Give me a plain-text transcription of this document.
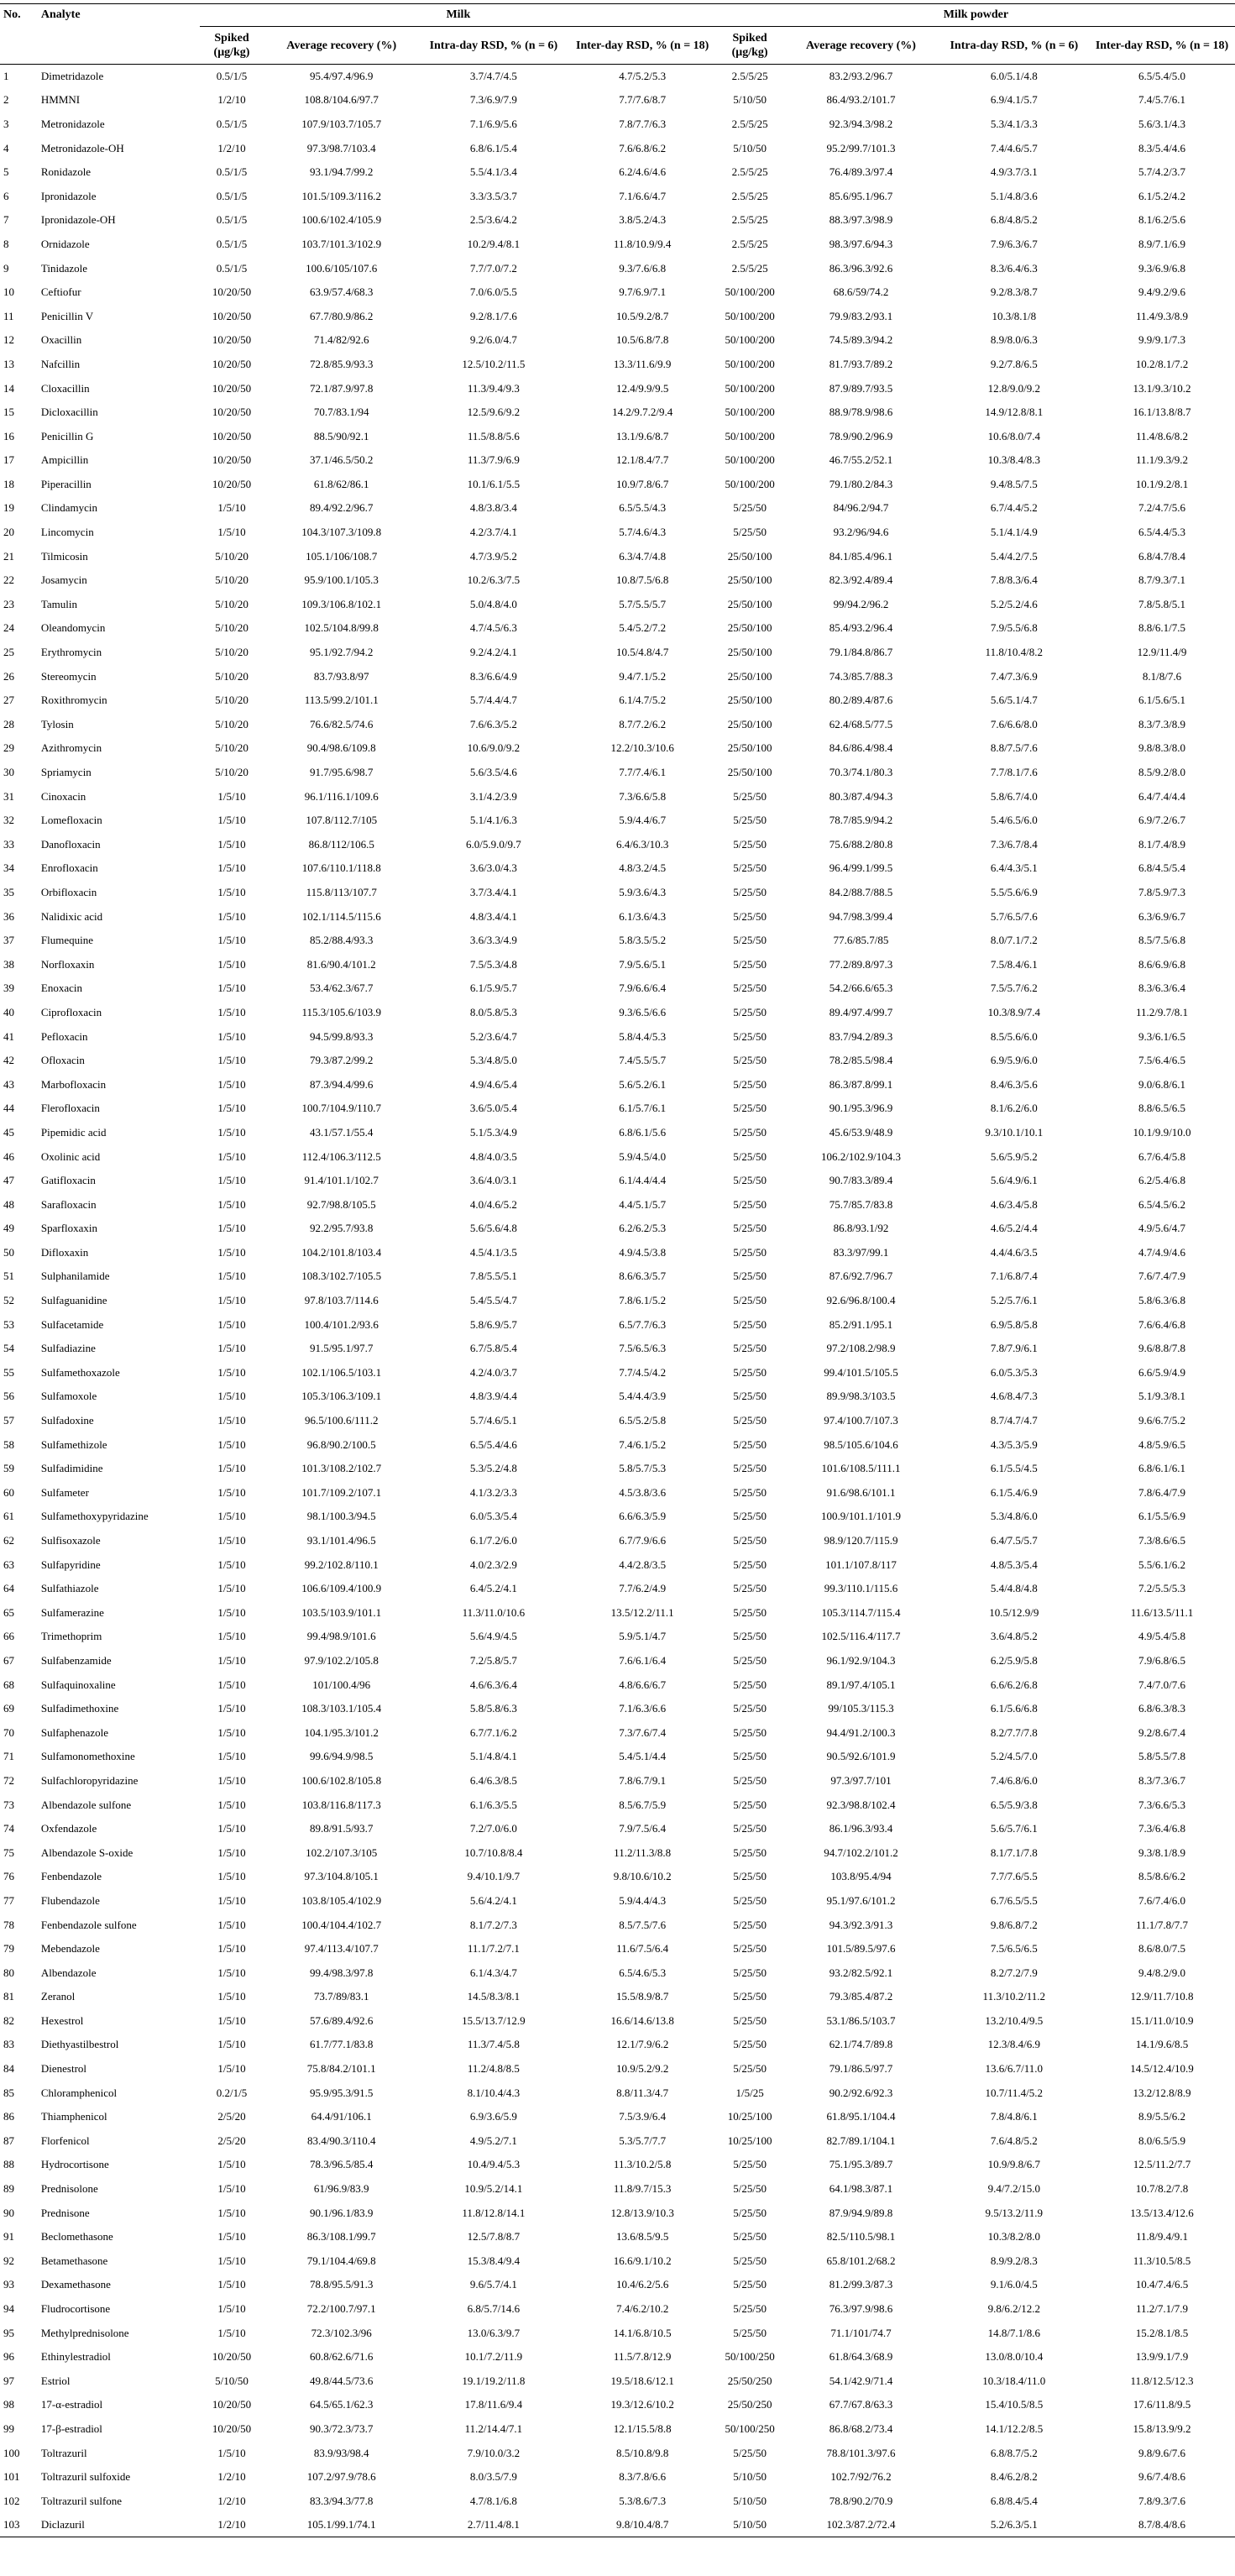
No.	Analyte	Milk				Milk powder			
		Spiked (μg/kg)	Average recovery (%)	Intra-day RSD, % (n = 6)	Inter-day RSD, % (n = 18)	Spiked (μg/kg)	Average recovery (%)	Intra-day RSD, % (n = 6)	Inter-day RSD, % (n = 18)
1	Dimetridazole	0.5/1/5	95.4/97.4/96.9	3.7/4.7/4.5	4.7/5.2/5.3	2.5/5/25	83.2/93.2/96.7	6.0/5.1/4.8	6.5/5.4/5.0
2	HMMNI	1/2/10	108.8/104.6/97.7	7.3/6.9/7.9	7.7/7.6/8.7	5/10/50	86.4/93.2/101.7	6.9/4.1/5.7	7.4/5.7/6.1
3	Metronidazole	0.5/1/5	107.9/103.7/105.7	7.1/6.9/5.6	7.8/7.7/6.3	2.5/5/25	92.3/94.3/98.2	5.3/4.1/3.3	5.6/3.1/4.3
4	Metronidazole-OH	1/2/10	97.3/98.7/103.4	6.8/6.1/5.4	7.6/6.8/6.2	5/10/50	95.2/99.7/101.3	7.4/4.6/5.7	8.3/5.4/4.6
5	Ronidazole	0.5/1/5	93.1/94.7/99.2	5.5/4.1/3.4	6.2/4.6/4.6	2.5/5/25	76.4/89.3/97.4	4.9/3.7/3.1	5.7/4.2/3.7
6	Ipronidazole	0.5/1/5	101.5/109.3/116.2	3.3/3.5/3.7	7.1/6.6/4.7	2.5/5/25	85.6/95.1/96.7	5.1/4.8/3.6	6.1/5.2/4.2
7	Ipronidazole-OH	0.5/1/5	100.6/102.4/105.9	2.5/3.6/4.2	3.8/5.2/4.3	2.5/5/25	88.3/97.3/98.9	6.8/4.8/5.2	8.1/6.2/5.6
8	Ornidazole	0.5/1/5	103.7/101.3/102.9	10.2/9.4/8.1	11.8/10.9/9.4	2.5/5/25	98.3/97.6/94.3	7.9/6.3/6.7	8.9/7.1/6.9
9	Tinidazole	0.5/1/5	100.6/105/107.6	7.7/7.0/7.2	9.3/7.6/6.8	2.5/5/25	86.3/96.3/92.6	8.3/6.4/6.3	9.3/6.9/6.8
10	Ceftiofur	10/20/50	63.9/57.4/68.3	7.0/6.0/5.5	9.7/6.9/7.1	50/100/200	68.6/59/74.2	9.2/8.3/8.7	9.4/9.2/9.6
11	Penicillin V	10/20/50	67.7/80.9/86.2	9.2/8.1/7.6	10.5/9.2/8.7	50/100/200	79.9/83.2/93.1	10.3/8.1/8	11.4/9.3/8.9
12	Oxacillin	10/20/50	71.4/82/92.6	9.2/6.0/4.7	10.5/6.8/7.8	50/100/200	74.5/89.3/94.2	8.9/8.0/6.3	9.9/9.1/7.3
13	Nafcillin	10/20/50	72.8/85.9/93.3	12.5/10.2/11.5	13.3/11.6/9.9	50/100/200	81.7/93.7/89.2	9.2/7.8/6.5	10.2/8.1/7.2
14	Cloxacillin	10/20/50	72.1/87.9/97.8	11.3/9.4/9.3	12.4/9.9/9.5	50/100/200	87.9/89.7/93.5	12.8/9.0/9.2	13.1/9.3/10.2
15	Dicloxacillin	10/20/50	70.7/83.1/94	12.5/9.6/9.2	14.2/9.7.2/9.4	50/100/200	88.9/78.9/98.6	14.9/12.8/8.1	16.1/13.8/8.7
16	Penicillin G	10/20/50	88.5/90/92.1	11.5/8.8/5.6	13.1/9.6/8.7	50/100/200	78.9/90.2/96.9	10.6/8.0/7.4	11.4/8.6/8.2
17	Ampicillin	10/20/50	37.1/46.5/50.2	11.3/7.9/6.9	12.1/8.4/7.7	50/100/200	46.7/55.2/52.1	10.3/8.4/8.3	11.1/9.3/9.2
18	Piperacillin	10/20/50	61.8/62/86.1	10.1/6.1/5.5	10.9/7.8/6.7	50/100/200	79.1/80.2/84.3	9.4/8.5/7.5	10.1/9.2/8.1
19	Clindamycin	1/5/10	89.4/92.2/96.7	4.8/3.8/3.4	6.5/5.5/4.3	5/25/50	84/96.2/94.7	6.7/4.4/5.2	7.2/4.7/5.6
20	Lincomycin	1/5/10	104.3/107.3/109.8	4.2/3.7/4.1	5.7/4.6/4.3	5/25/50	93.2/96/94.6	5.1/4.1/4.9	6.5/4.4/5.3
21	Tilmicosin	5/10/20	105.1/106/108.7	4.7/3.9/5.2	6.3/4.7/4.8	25/50/100	84.1/85.4/96.1	5.4/4.2/7.5	6.8/4.7/8.4
22	Josamycin	5/10/20	95.9/100.1/105.3	10.2/6.3/7.5	10.8/7.5/6.8	25/50/100	82.3/92.4/89.4	7.8/8.3/6.4	8.7/9.3/7.1
23	Tamulin	5/10/20	109.3/106.8/102.1	5.0/4.8/4.0	5.7/5.5/5.7	25/50/100	99/94.2/96.2	5.2/5.2/4.6	7.8/5.8/5.1
24	Oleandomycin	5/10/20	102.5/104.8/99.8	4.7/4.5/6.3	5.4/5.2/7.2	25/50/100	85.4/93.2/96.4	7.9/5.5/6.8	8.8/6.1/7.5
25	Erythromycin	5/10/20	95.1/92.7/94.2	9.2/4.2/4.1	10.5/4.8/4.7	25/50/100	79.1/84.8/86.7	11.8/10.4/8.2	12.9/11.4/9
26	Stereomycin	5/10/20	83.7/93.8/97	8.3/6.6/4.9	9.4/7.1/5.2	25/50/100	74.3/85.7/88.3	7.4/7.3/6.9	8.1/8/7.6
27	Roxithromycin	5/10/20	113.5/99.2/101.1	5.7/4.4/4.7	6.1/4.7/5.2	25/50/100	80.2/89.4/87.6	5.6/5.1/4.7	6.1/5.6/5.1
28	Tylosin	5/10/20	76.6/82.5/74.6	7.6/6.3/5.2	8.7/7.2/6.2	25/50/100	62.4/68.5/77.5	7.6/6.6/8.0	8.3/7.3/8.9
29	Azithromycin	5/10/20	90.4/98.6/109.8	10.6/9.0/9.2	12.2/10.3/10.6	25/50/100	84.6/86.4/98.4	8.8/7.5/7.6	9.8/8.3/8.0
30	Spriamycin	5/10/20	91.7/95.6/98.7	5.6/3.5/4.6	7.7/7.4/6.1	25/50/100	70.3/74.1/80.3	7.7/8.1/7.6	8.5/9.2/8.0
31	Cinoxacin	1/5/10	96.1/116.1/109.6	3.1/4.2/3.9	7.3/6.6/5.8	5/25/50	80.3/87.4/94.3	5.8/6.7/4.0	6.4/7.4/4.4
32	Lomefloxacin	1/5/10	107.8/112.7/105	5.1/4.1/6.3	5.9/4.4/6.7	5/25/50	78.7/85.9/94.2	5.4/6.5/6.0	6.9/7.2/6.7
33	Danofloxacin	1/5/10	86.8/112/106.5	6.0/5.9.0/9.7	6.4/6.3/10.3	5/25/50	75.6/88.2/80.8	7.3/6.7/8.4	8.1/7.4/8.9
34	Enrofloxacin	1/5/10	107.6/110.1/118.8	3.6/3.0/4.3	4.8/3.2/4.5	5/25/50	96.4/99.1/99.5	6.4/4.3/5.1	6.8/4.5/5.4
35	Orbifloxacin	1/5/10	115.8/113/107.7	3.7/3.4/4.1	5.9/3.6/4.3	5/25/50	84.2/88.7/88.5	5.5/5.6/6.9	7.8/5.9/7.3
36	Nalidixic acid	1/5/10	102.1/114.5/115.6	4.8/3.4/4.1	6.1/3.6/4.3	5/25/50	94.7/98.3/99.4	5.7/6.5/7.6	6.3/6.9/6.7
37	Flumequine	1/5/10	85.2/88.4/93.3	3.6/3.3/4.9	5.8/3.5/5.2	5/25/50	77.6/85.7/85	8.0/7.1/7.2	8.5/7.5/6.8
38	Norfloxaxin	1/5/10	81.6/90.4/101.2	7.5/5.3/4.8	7.9/5.6/5.1	5/25/50	77.2/89.8/97.3	7.5/8.4/6.1	8.6/6.9/6.8
39	Enoxacin	1/5/10	53.4/62.3/67.7	6.1/5.9/5.7	7.9/6.6/6.4	5/25/50	54.2/66.6/65.3	7.5/5.7/6.2	8.3/6.3/6.4
40	Ciprofloxacin	1/5/10	115.3/105.6/103.9	8.0/5.8/5.3	9.3/6.5/6.6	5/25/50	89.4/97.4/99.7	10.3/8.9/7.4	11.2/9.7/8.1
41	Pefloxacin	1/5/10	94.5/99.8/93.3	5.2/3.6/4.7	5.8/4.4/5.3	5/25/50	83.7/94.2/89.3	8.5/5.6/6.0	9.3/6.1/6.5
42	Ofloxacin	1/5/10	79.3/87.2/99.2	5.3/4.8/5.0	7.4/5.5/5.7	5/25/50	78.2/85.5/98.4	6.9/5.9/6.0	7.5/6.4/6.5
43	Marbofloxacin	1/5/10	87.3/94.4/99.6	4.9/4.6/5.4	5.6/5.2/6.1	5/25/50	86.3/87.8/99.1	8.4/6.3/5.6	9.0/6.8/6.1
44	Flerofloxacin	1/5/10	100.7/104.9/110.7	3.6/5.0/5.4	6.1/5.7/6.1	5/25/50	90.1/95.3/96.9	8.1/6.2/6.0	8.8/6.5/6.5
45	Pipemidic acid	1/5/10	43.1/57.1/55.4	5.1/5.3/4.9	6.8/6.1/5.6	5/25/50	45.6/53.9/48.9	9.3/10.1/10.1	10.1/9.9/10.0
46	Oxolinic acid	1/5/10	112.4/106.3/112.5	4.8/4.0/3.5	5.9/4.5/4.0	5/25/50	106.2/102.9/104.3	5.6/5.9/5.2	6.7/6.4/5.8
47	Gatifloxacin	1/5/10	91.4/101.1/102.7	3.6/4.0/3.1	6.1/4.4/4.4	5/25/50	90.7/83.3/89.4	5.6/4.9/6.1	6.2/5.4/6.8
48	Sarafloxacin	1/5/10	92.7/98.8/105.5	4.0/4.6/5.2	4.4/5.1/5.7	5/25/50	75.7/85.7/83.8	4.6/3.4/5.8	6.5/4.5/6.2
49	Sparfloxaxin	1/5/10	92.2/95.7/93.8	5.6/5.6/4.8	6.2/6.2/5.3	5/25/50	86.8/93.1/92	4.6/5.2/4.4	4.9/5.6/4.7
50	Difloxaxin	1/5/10	104.2/101.8/103.4	4.5/4.1/3.5	4.9/4.5/3.8	5/25/50	83.3/97/99.1	4.4/4.6/3.5	4.7/4.9/4.6
51	Sulphanilamide	1/5/10	108.3/102.7/105.5	7.8/5.5/5.1	8.6/6.3/5.7	5/25/50	87.6/92.7/96.7	7.1/6.8/7.4	7.6/7.4/7.9
52	Sulfaguanidine	1/5/10	97.8/103.7/114.6	5.4/5.5/4.7	7.8/6.1/5.2	5/25/50	92.6/96.8/100.4	5.2/5.7/6.1	5.8/6.3/6.8
53	Sulfacetamide	1/5/10	100.4/101.2/93.6	5.8/6.9/5.7	6.5/7.7/6.3	5/25/50	85.2/91.1/95.1	6.9/5.8/5.8	7.6/6.4/6.8
54	Sulfadiazine	1/5/10	91.5/95.1/97.7	6.7/5.8/5.4	7.5/6.5/6.3	5/25/50	97.2/108.2/98.9	7.8/7.9/6.1	9.6/8.8/7.8
55	Sulfamethoxazole	1/5/10	102.1/106.5/103.1	4.2/4.0/3.7	7.7/4.5/4.2	5/25/50	99.4/101.5/105.5	6.0/5.3/5.3	6.6/5.9/4.9
56	Sulfamoxole	1/5/10	105.3/106.3/109.1	4.8/3.9/4.4	5.4/4.4/3.9	5/25/50	89.9/98.3/103.5	4.6/8.4/7.3	5.1/9.3/8.1
57	Sulfadoxine	1/5/10	96.5/100.6/111.2	5.7/4.6/5.1	6.5/5.2/5.8	5/25/50	97.4/100.7/107.3	8.7/4.7/4.7	9.6/6.7/5.2
58	Sulfamethizole	1/5/10	96.8/90.2/100.5	6.5/5.4/4.6	7.4/6.1/5.2	5/25/50	98.5/105.6/104.6	4.3/5.3/5.9	4.8/5.9/6.5
59	Sulfadimidine	1/5/10	101.3/108.2/102.7	5.3/5.2/4.8	5.8/5.7/5.3	5/25/50	101.6/108.5/111.1	6.1/5.5/4.5	6.8/6.1/6.1
60	Sulfameter	1/5/10	101.7/109.2/107.1	4.1/3.2/3.3	4.5/3.8/3.6	5/25/50	91.6/98.6/101.1	6.1/5.4/6.9	7.8/6.4/7.9
61	Sulfamethoxypyridazine	1/5/10	98.1/100.3/94.5	6.0/5.3/5.4	6.6/6.3/5.9	5/25/50	100.9/101.1/101.9	5.3/4.8/6.0	6.1/5.5/6.9
62	Sulfisoxazole	1/5/10	93.1/101.4/96.5	6.1/7.2/6.0	6.7/7.9/6.6	5/25/50	98.9/120.7/115.9	6.4/7.5/5.7	7.3/8.6/6.5
63	Sulfapyridine	1/5/10	99.2/102.8/110.1	4.0/2.3/2.9	4.4/2.8/3.5	5/25/50	101.1/107.8/117	4.8/5.3/5.4	5.5/6.1/6.2
64	Sulfathiazole	1/5/10	106.6/109.4/100.9	6.4/5.2/4.1	7.7/6.2/4.9	5/25/50	99.3/110.1/115.6	5.4/4.8/4.8	7.2/5.5/5.3
65	Sulfamerazine	1/5/10	103.5/103.9/101.1	11.3/11.0/10.6	13.5/12.2/11.1	5/25/50	105.3/114.7/115.4	10.5/12.9/9	11.6/13.5/11.1
66	Trimethoprim	1/5/10	99.4/98.9/101.6	5.6/4.9/4.5	5.9/5.1/4.7	5/25/50	102.5/116.4/117.7	3.6/4.8/5.2	4.9/5.4/5.8
67	Sulfabenzamide	1/5/10	97.9/102.2/105.8	7.2/5.8/5.7	7.6/6.1/6.4	5/25/50	96.1/92.9/104.3	6.2/5.9/5.8	7.9/6.8/6.5
68	Sulfaquinoxaline	1/5/10	101/100.4/96	4.6/6.3/6.4	4.8/6.6/6.7	5/25/50	89.1/97.4/105.1	6.6/6.2/6.8	7.4/7.0/7.6
69	Sulfadimethoxine	1/5/10	108.3/103.1/105.4	5.8/5.8/6.3	7.1/6.3/6.6	5/25/50	99/105.3/115.3	6.1/5.6/6.8	6.8/6.3/8.3
70	Sulfaphenazole	1/5/10	104.1/95.3/101.2	6.7/7.1/6.2	7.3/7.6/7.4	5/25/50	94.4/91.2/100.3	8.2/7.7/7.8	9.2/8.6/7.4
71	Sulfamonomethoxine	1/5/10	99.6/94.9/98.5	5.1/4.8/4.1	5.4/5.1/4.4	5/25/50	90.5/92.6/101.9	5.2/4.5/7.0	5.8/5.5/7.8
72	Sulfachloropyridazine	1/5/10	100.6/102.8/105.8	6.4/6.3/8.5	7.8/6.7/9.1	5/25/50	97.3/97.7/101	7.4/6.8/6.0	8.3/7.3/6.7
73	Albendazole sulfone	1/5/10	103.8/116.8/117.3	6.1/6.3/5.5	8.5/6.7/5.9	5/25/50	92.3/98.8/102.4	6.5/5.9/3.8	7.3/6.6/5.3
74	Oxfendazole	1/5/10	89.8/91.5/93.7	7.2/7.0/6.0	7.9/7.5/6.4	5/25/50	86.1/96.3/93.4	5.6/5.7/6.1	7.3/6.4/6.8
75	Albendazole S-oxide	1/5/10	102.2/107.3/105	10.7/10.8/8.4	11.2/11.3/8.8	5/25/50	94.7/102.2/101.2	8.1/7.1/7.8	9.3/8.1/8.9
76	Fenbendazole	1/5/10	97.3/104.8/105.1	9.4/10.1/9.7	9.8/10.6/10.2	5/25/50	103.8/95.4/94	7.7/7.6/5.5	8.5/8.6/6.2
77	Flubendazole	1/5/10	103.8/105.4/102.9	5.6/4.2/4.1	5.9/4.4/4.3	5/25/50	95.1/97.6/101.2	6.7/6.5/5.5	7.6/7.4/6.0
78	Fenbendazole sulfone	1/5/10	100.4/104.4/102.7	8.1/7.2/7.3	8.5/7.5/7.6	5/25/50	94.3/92.3/91.3	9.8/6.8/7.2	11.1/7.8/7.7
79	Mebendazole	1/5/10	97.4/113.4/107.7	11.1/7.2/7.1	11.6/7.5/6.4	5/25/50	101.5/89.5/97.6	7.5/6.5/6.5	8.6/8.0/7.5
80	Albendazole	1/5/10	99.4/98.3/97.8	6.1/4.3/4.7	6.5/4.6/5.3	5/25/50	93.2/82.5/92.1	8.2/7.2/7.9	9.4/8.2/9.0
81	Zeranol	1/5/10	73.7/89/83.1	14.5/8.3/8.1	15.5/8.9/8.7	5/25/50	79.3/85.4/87.2	11.3/10.2/11.2	12.9/11.7/10.8
82	Hexestrol	1/5/10	57.6/89.4/92.6	15.5/13.7/12.9	16.6/14.6/13.8	5/25/50	53.1/86.5/103.7	13.2/10.4/9.5	15.1/11.0/10.9
83	Diethyastilbestrol	1/5/10	61.7/77.1/83.8	11.3/7.4/5.8	12.1/7.9/6.2	5/25/50	62.1/74.7/89.8	12.3/8.4/6.9	14.1/9.6/8.5
84	Dienestrol	1/5/10	75.8/84.2/101.1	11.2/4.8/8.5	10.9/5.2/9.2	5/25/50	79.1/86.5/97.7	13.6/6.7/11.0	14.5/12.4/10.9
85	Chloramphenicol	0.2/1/5	95.9/95.3/91.5	8.1/10.4/4.3	8.8/11.3/4.7	1/5/25	90.2/92.6/92.3	10.7/11.4/5.2	13.2/12.8/8.9
86	Thiamphenicol	2/5/20	64.4/91/106.1	6.9/3.6/5.9	7.5/3.9/6.4	10/25/100	61.8/95.1/104.4	7.8/4.8/6.1	8.9/5.5/6.2
87	Florfenicol	2/5/20	83.4/90.3/110.4	4.9/5.2/7.1	5.3/5.7/7.7	10/25/100	82.7/89.1/104.1	7.6/4.8/5.2	8.0/6.5/5.9
88	Hydrocortisone	1/5/10	78.3/96.5/85.4	10.4/9.4/5.3	11.3/10.2/5.8	5/25/50	75.1/95.3/89.7	10.9/9.8/6.7	12.5/11.2/7.7
89	Prednisolone	1/5/10	61/96.9/83.9	10.9/5.2/14.1	11.8/9.7/15.3	5/25/50	64.1/98.3/87.1	9.4/7.2/15.0	10.7/8.2/7.8
90	Prednisone	1/5/10	90.1/96.1/83.9	11.8/12.8/14.1	12.8/13.9/10.3	5/25/50	87.9/94.9/89.8	9.5/13.2/11.9	13.5/13.4/12.6
91	Beclomethasone	1/5/10	86.3/108.1/99.7	12.5/7.8/8.7	13.6/8.5/9.5	5/25/50	82.5/110.5/98.1	10.3/8.2/8.0	11.8/9.4/9.1
92	Betamethasone	1/5/10	79.1/104.4/69.8	15.3/8.4/9.4	16.6/9.1/10.2	5/25/50	65.8/101.2/68.2	8.9/9.2/8.3	11.3/10.5/8.5
93	Dexamethasone	1/5/10	78.8/95.5/91.3	9.6/5.7/4.1	10.4/6.2/5.6	5/25/50	81.2/99.3/87.3	9.1/6.0/4.5	10.4/7.4/6.5
94	Fludrocortisone	1/5/10	72.2/100.7/97.1	6.8/5.7/14.6	7.4/6.2/10.2	5/25/50	76.3/97.9/98.6	9.8/6.2/12.2	11.2/7.1/7.9
95	Methylprednisolone	1/5/10	72.3/102.3/96	13.0/6.3/9.7	14.1/6.8/10.5	5/25/50	71.1/101/74.7	14.8/7.1/8.6	15.2/8.1/8.5
96	Ethinylestradiol	10/20/50	60.8/62.6/71.6	10.1/7.2/11.9	11.5/7.8/12.9	50/100/250	61.8/64.3/68.9	13.0/8.0/10.4	13.9/9.1/7.9
97	Estriol	5/10/50	49.8/44.5/73.6	19.1/19.2/11.8	19.5/18.6/12.1	25/50/250	54.1/42.9/71.4	10.3/18.4/11.0	11.8/12.5/12.3
98	17-α-estradiol	10/20/50	64.5/65.1/62.3	17.8/11.6/9.4	19.3/12.6/10.2	25/50/250	67.7/67.8/63.3	15.4/10.5/8.5	17.6/11.8/9.5
99	17-β-estradiol	10/20/50	90.3/72.3/73.7	11.2/14.4/7.1	12.1/15.5/8.8	50/100/250	86.8/68.2/73.4	14.1/12.2/8.5	15.8/13.9/9.2
100	Toltrazuril	1/5/10	83.9/93/98.4	7.9/10.0/3.2	8.5/10.8/9.8	5/25/50	78.8/101.3/97.6	6.8/8.7/5.2	9.8/9.6/7.6
101	Toltrazuril sulfoxide	1/2/10	107.2/97.9/78.6	8.0/3.5/7.9	8.3/7.8/6.6	5/10/50	102.7/92/76.2	8.4/6.2/8.2	9.6/7.4/8.6
102	Toltrazuril sulfone	1/2/10	83.3/94.3/77.8	4.7/8.1/6.8	5.3/8.6/7.3	5/10/50	78.8/90.2/70.9	6.8/8.4/5.4	7.8/9.3/7.6
103	Diclazuril	1/2/10	105.1/99.1/74.1	2.7/11.4/8.1	9.8/10.4/8.7	5/10/50	102.3/87.2/72.4	5.2/6.3/5.1	8.7/8.4/8.6
